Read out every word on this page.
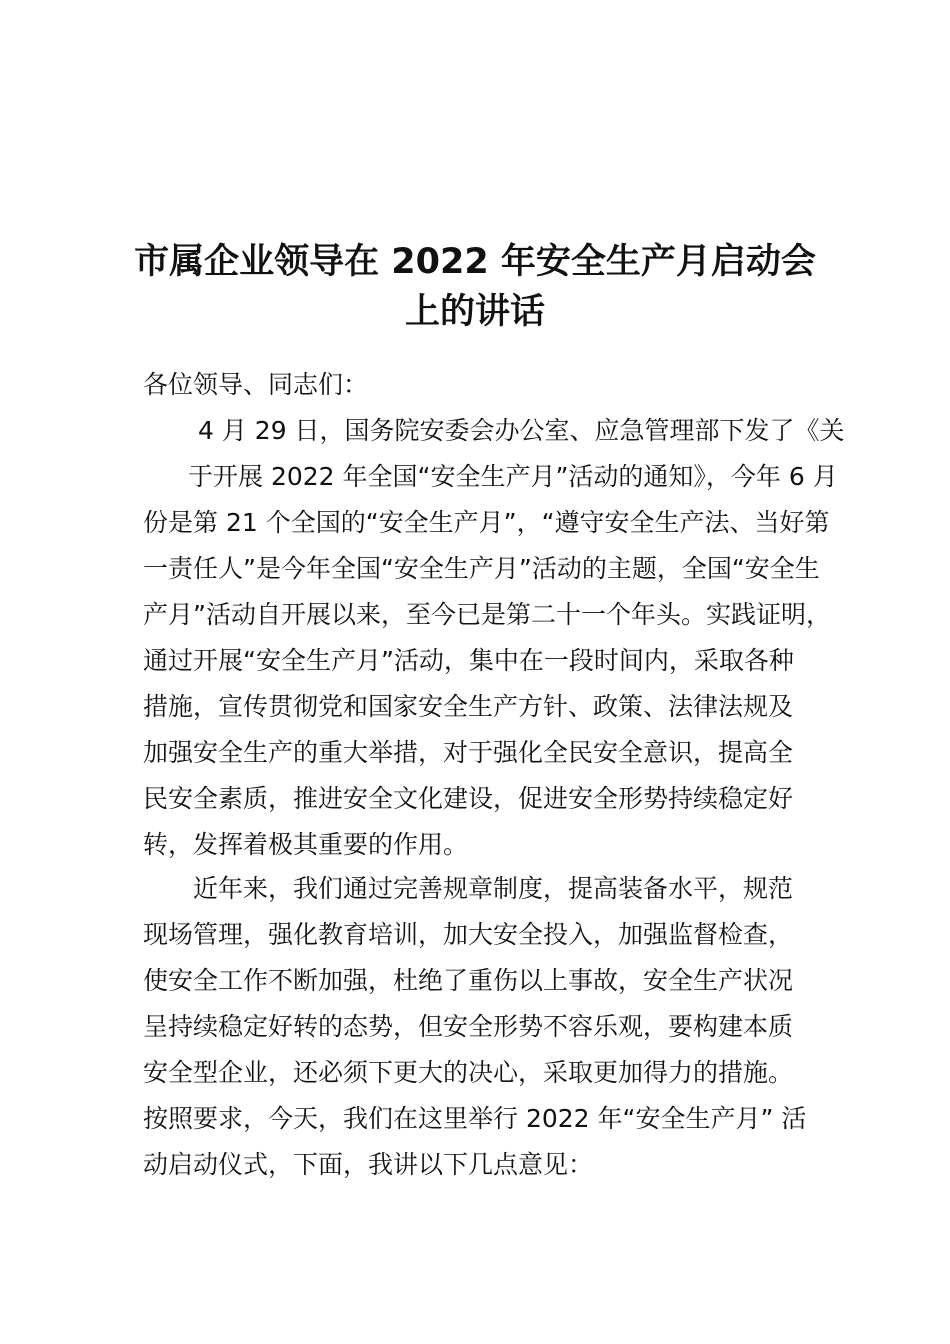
市属企业领导在 2022 年安全生产月启动会
上的讲话

各位领导、同志们：

4 月 29 日，国务院安委会办公室、应急管理部下发了《关

于开展 2022 年全国“安全生产月”活动的通知》，今年 6 月

份是第 21 个全国的“安全生产月”，“遵守安全生产法、当好第

一责任人”是今年全国“安全生产月”活动的主题，全国“安全生

产月”活动自开展以来，至今已是第二十一个年头。实践证明，

通过开展“安全生产月”活动，集中在一段时间内，采取各种

措施，宣传贯彻党和国家安全生产方针、政策、法律法规及

加强安全生产的重大举措，对于强化全民安全意识，提高全

民安全素质，推进安全文化建设，促进安全形势持续稳定好

转，发挥着极其重要的作用。

近年来，我们通过完善规章制度，提高装备水平，规范

现场管理，强化教育培训，加大安全投入，加强监督检查，

使安全工作不断加强，杜绝了重伤以上事故，安全生产状况

呈持续稳定好转的态势，但安全形势不容乐观，要构建本质

安全型企业，还必须下更大的决心，采取更加得力的措施。

按照要求，今天，我们在这里举行 2022 年“安全生产月” 活

动启动仪式，下面，我讲以下几点意见：
